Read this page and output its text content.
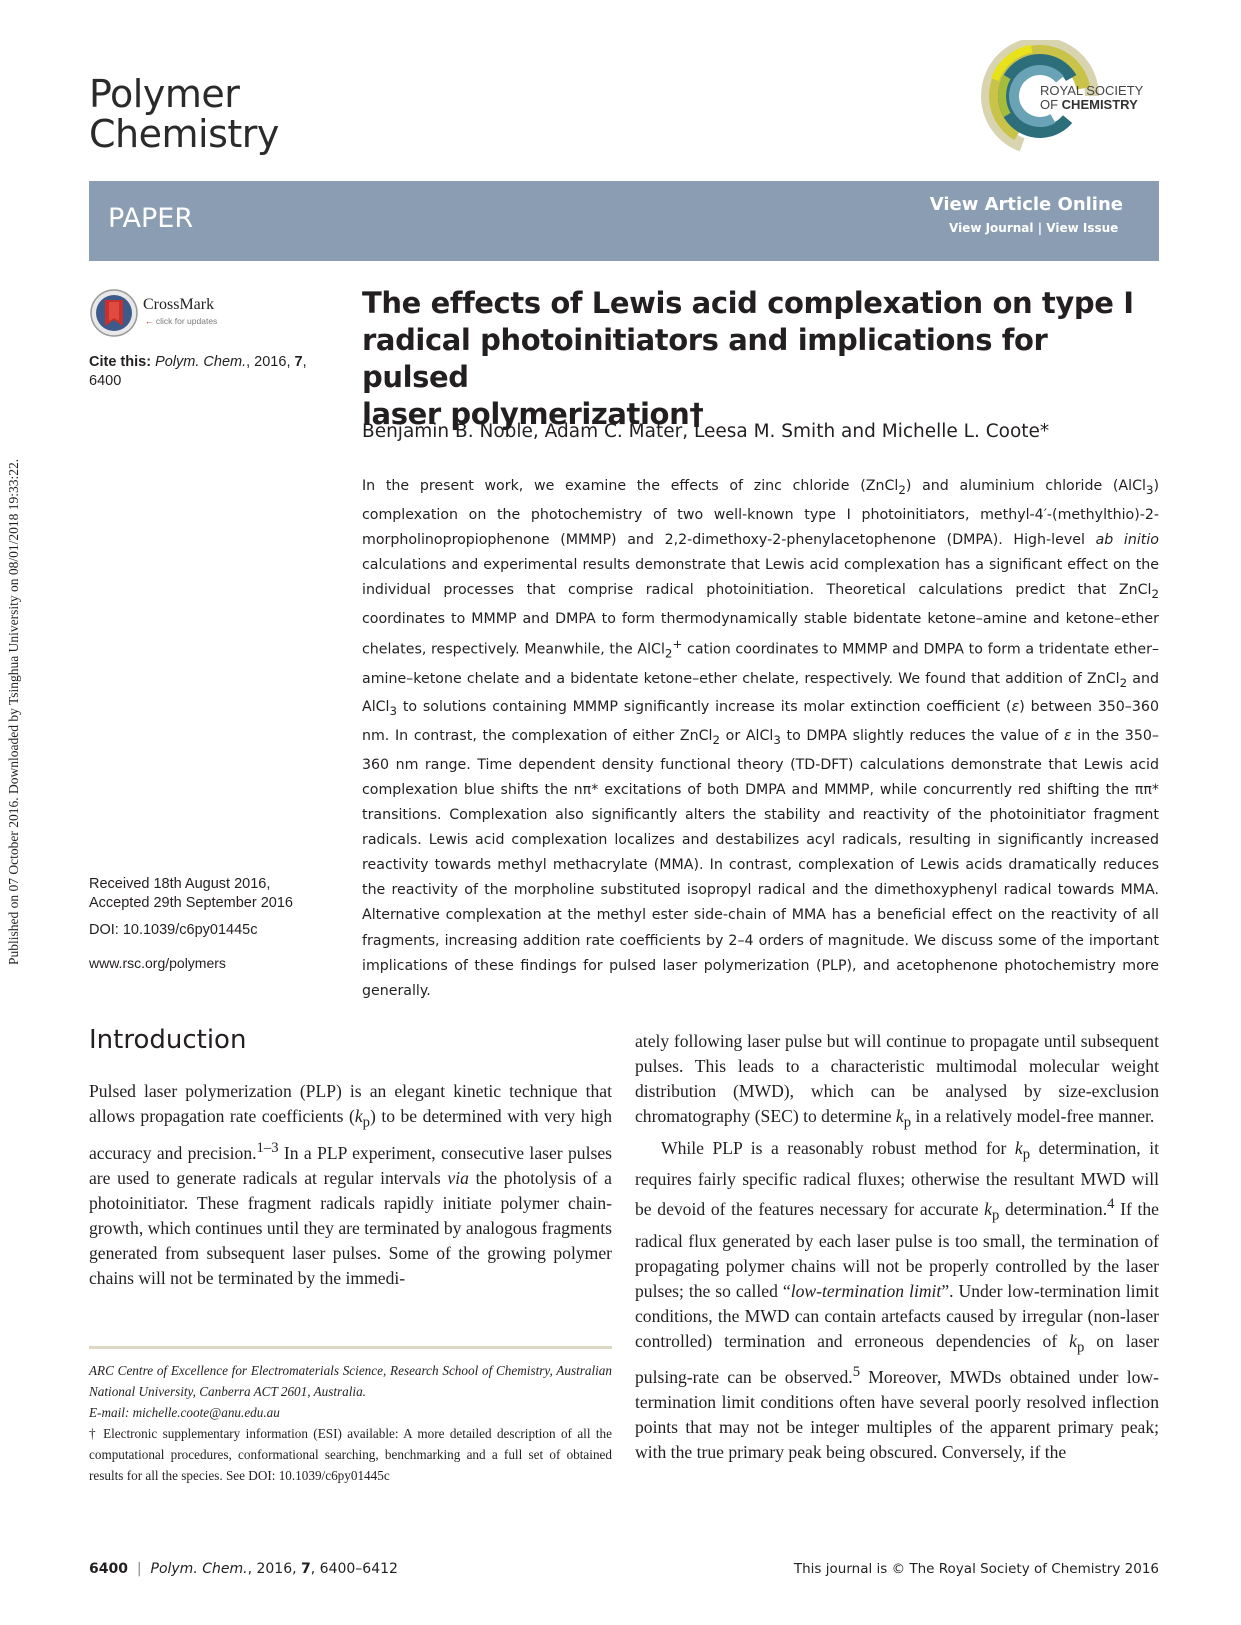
Published on 07 October 2016. Downloaded by Tsinghua University on 08/01/2018 19:33:22.
Polymer
Chemistry
ROYAL SOCIETY
OF CHEMISTRY
PAPER	View Article Online
View Journal | View Issue
CrossMark
← click for updates
Cite this: Polym. Chem., 2016, 7, 6400
Received 18th August 2016,
Accepted 29th September 2016
DOI: 10.1039/c6py01445c
www.rsc.org/polymers
The effects of Lewis acid complexation on type I
radical photoinitiators and implications for pulsed
laser polymerization†

Benjamin B. Noble, Adam C. Mater, Leesa M. Smith and Michelle L. Coote*

In the present work, we examine the effects of zinc chloride (ZnCl$_2$) and aluminium chloride (AlCl$_3$) complexation on the photochemistry of two well-known type I photoinitiators, methyl-4′-(methylthio)-2-morpholinopropiophenone (MMMP) and 2,2-dimethoxy-2-phenylacetophenone (DMPA). High-level ab initio calculations and experimental results demonstrate that Lewis acid complexation has a significant effect on the individual processes that comprise radical photoinitiation. Theoretical calculations predict that ZnCl$_2$ coordinates to MMMP and DMPA to form thermodynamically stable bidentate ketone–amine and ketone–ether chelates, respectively. Meanwhile, the AlCl$_2$+ cation coordinates to MMMP and DMPA to form a tridentate ether–amine–ketone chelate and a bidentate ketone–ether chelate, respectively. We found that addition of ZnCl$_2$ and AlCl$_3$ to solutions containing MMMP significantly increase its molar extinction coefficient (ε) between 350–360 nm. In contrast, the complexation of either ZnCl$_2$ or AlCl$_3$ to DMPA slightly reduces the value of ε in the 350–360 nm range. Time dependent density functional theory (TD-DFT) calculations demonstrate that Lewis acid complexation blue shifts the nπ* excitations of both DMPA and MMMP, while concurrently red shifting the ππ* transitions. Complexation also significantly alters the stability and reactivity of the photoinitiator fragment radicals. Lewis acid complexation localizes and destabilizes acyl radicals, resulting in significantly increased reactivity towards methyl methacrylate (MMA). In contrast, complexation of Lewis acids dramatically reduces the reactivity of the morpholine substituted isopropyl radical and the dimethoxyphenyl radical towards MMA. Alternative complexation at the methyl ester side-chain of MMA has a beneficial effect on the reactivity of all fragments, increasing addition rate coefficients by 2–4 orders of magnitude. We discuss some of the important implications of these findings for pulsed laser polymerization (PLP), and acetophenone photochemistry more generally.

Introduction

Pulsed laser polymerization (PLP) is an elegant kinetic technique that allows propagation rate coefficients $(k_p)$ to be determined with very high accuracy and precision.$^{1-3}$ In a PLP experiment, consecutive laser pulses are used to generate radicals at regular intervals via the photolysis of a photoinitiator. These fragment radicals rapidly initiate polymer chain-growth, which continues until they are terminated by analogous fragments generated from subsequent laser pulses. Some of the growing polymer chains will not be terminated by the immedi-

ately following laser pulse but will continue to propagate until subsequent pulses. This leads to a characteristic multimodal molecular weight distribution (MWD), which can be analysed by size-exclusion chromatography (SEC) to determine $k_p$ in a relatively model-free manner.

While PLP is a reasonably robust method for $k_p$ determination, it requires fairly specific radical fluxes; otherwise the resultant MWD will be devoid of the features necessary for accurate $k_p$ determination.$^4$ If the radical flux generated by each laser pulse is too small, the termination of propagating polymer chains will not be properly controlled by the laser pulses; the so called “low-termination limit”. Under low-termination limit conditions, the MWD can contain artefacts caused by irregular (non-laser controlled) termination and erroneous dependencies of $k_p$ on laser pulsing-rate can be observed.$^5$ Moreover, MWDs obtained under low-termination limit conditions often have several poorly resolved inflection points that may not be integer multiples of the apparent primary peak; with the true primary peak being obscured. Conversely, if the

ARC Centre of Excellence for Electromaterials Science, Research School of Chemistry, Australian National University, Canberra ACT 2601, Australia.

E-mail: michelle.coote@anu.edu.au

† Electronic supplementary information (ESI) available: A more detailed description of all the computational procedures, conformational searching, benchmarking and a full set of obtained results for all the species. See DOI: 10.1039/c6py01445c

6400  |  Polym. Chem., 2016, 7, 6400–6412	This journal is © The Royal Society of Chemistry 2016
